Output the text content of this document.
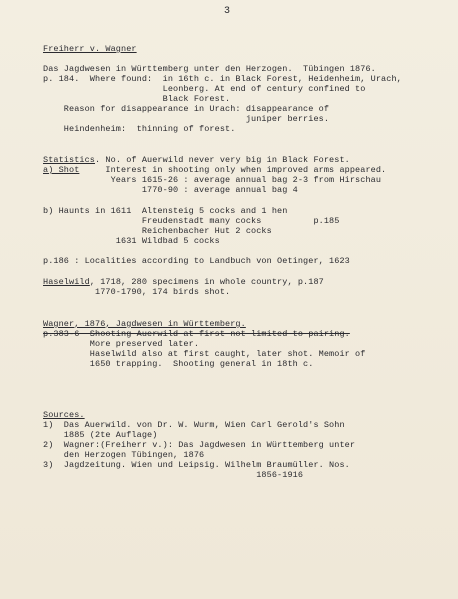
3
Freiherr v. Wagner
Das Jagdwesen in Württemberg unter den Herzogen.  Tübingen 1876.
p. 184.  Where found:  in 16th c. in Black Forest, Heidenheim, Urach,
Leonberg. At end of century confined to
Black Forest.
Reason for disappearance in Urach: disappearance of
juniper berries.
Heindenheim:  thinning of forest.
Statistics. No. of Auerwild never very big in Black Forest.
a) Shot     Interest in shooting only when improved arms appeared.
Years 1615-26 : average annual bag 2-3 from Hirschau
1770-90 : average annual bag 4
b) Haunts in 1611  Altensteig 5 cocks and 1 hen
Freudenstadt many cocks          p.185
Reichenbacher Hut 2 cocks
1631 Wildbad 5 cocks
p.186 : Localities according to Landbuch von Oetinger, 1623
Haselwild, 1718, 280 specimens in whole country, p.187
1770-1790, 174 birds shot.
Wagner, 1876, Jagdwesen in Württemberg.
p.383-6  Shooting Auerwild at first not limited to pairing.
More preserved later.
Haselwild also at first caught, later shot. Memoir of
1650 trapping.  Shooting general in 18th c.
Sources.
1)  Das Auerwild. von Dr. W. Wurm, Wien Carl Gerold's Sohn
1885 (2te Auflage)
2)  Wagner:(Freiherr v.): Das Jagdwesen in Württemberg unter
den Herzogen Tübingen, 1876
3)  Jagdzeitung. Wien und Leipsig. Wilhelm Braumüller. Nos.
1856-1916
